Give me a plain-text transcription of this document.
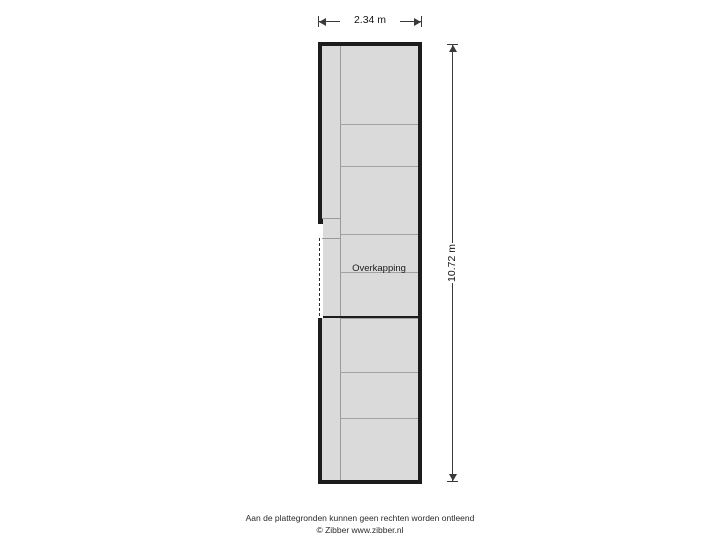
2.34 m
10.72 m
Overkapping
Aan de plattegronden kunnen geen rechten worden ontleend
© Zibber www.zibber.nl
